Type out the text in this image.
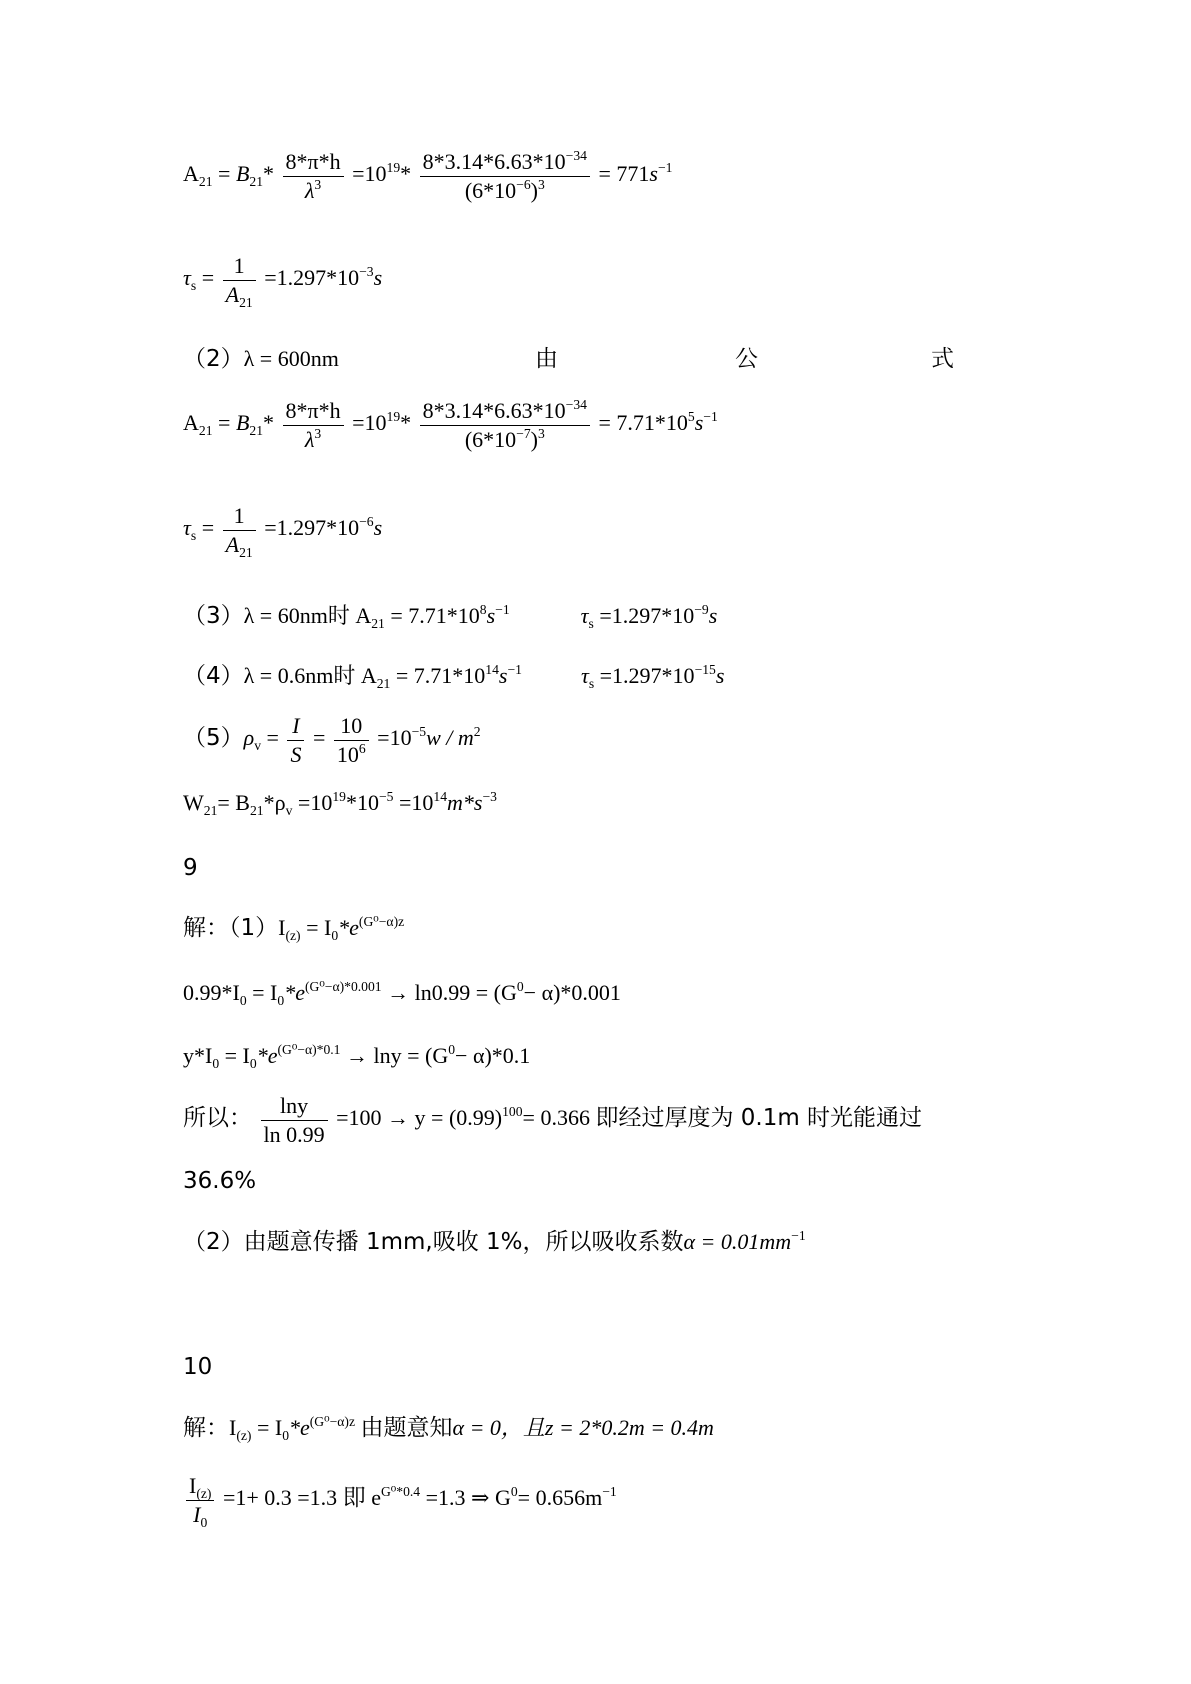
$A_{21} = B_{21}* \frac{8*\pi*h}{\lambda^3} =10^{19}* \frac{8*3.14*6.63*10^{-34}}{(6*10^{-6})^3} = 771s^{-1}$
$\tau_s = \frac{1}{A_{21}} =1.297*10^{-3}s$
（2）λ = 600nm	由	公	式
$A_{21} = B_{21}* \frac{8*\pi*h}{\lambda^3} =10^{19}* \frac{8*3.14*6.63*10^{-34}}{(6*10^{-7})^3} = 7.71*10^5s^{-1}$
$\tau_s = \frac{1}{A_{21}} =1.297*10^{-6}s$
（3）λ = 60nm时 $A_{21} = 7.71*10^8s^{-1}$	$\tau_s =1.297*10^{-9}s$
（4）λ = 0.6nm时 $A_{21} = 7.71*10^{14}s^{-1}$	$\tau_s =1.297*10^{-15}s$
$(5)\rho_v = \frac{I}{S} = \frac{10}{10^6} =10^{-5}w / m^2$
$W_{21}= B_{21}*\rho_v =10^{19}*10^{-5} =10^{14}m*s^{-3}$
9
解：$(1)I_{(z)} = I_0*e^{(G^0-\alpha)z}$
$0.99*I_0 = I_0*e^{(G^0-\alpha)*0.001} \to \ln 0.99 = (G^0- \alpha)*0.001$
$y*I_0 = I_0*e^{(G^0-\alpha)*0.1} \to \ln y = (G^0- \alpha)*0.1$
所以： $\frac{\ln y}{\ln 0.99} =100 \to y = (0.99)^{100}= 0.366$ 即经过厚度为 0.1m 时光能通过
36.6%
（2）由题意传播 1mm,吸收 1%，所以吸收系数$\alpha = 0.01mm^{-1}$
10
解：$I_{(z)} = I_0*e^{(G^0-\alpha)z}$ 由题意知α = 0，且z = 2*0.2m = 0.4m
$\frac{I_{(z)}}{I_0} =1+ 0.3 =1.3$ 即 $e^{G^0*0.4} =1.3$ ⇒ $G^0= 0.656m^{-1}$
